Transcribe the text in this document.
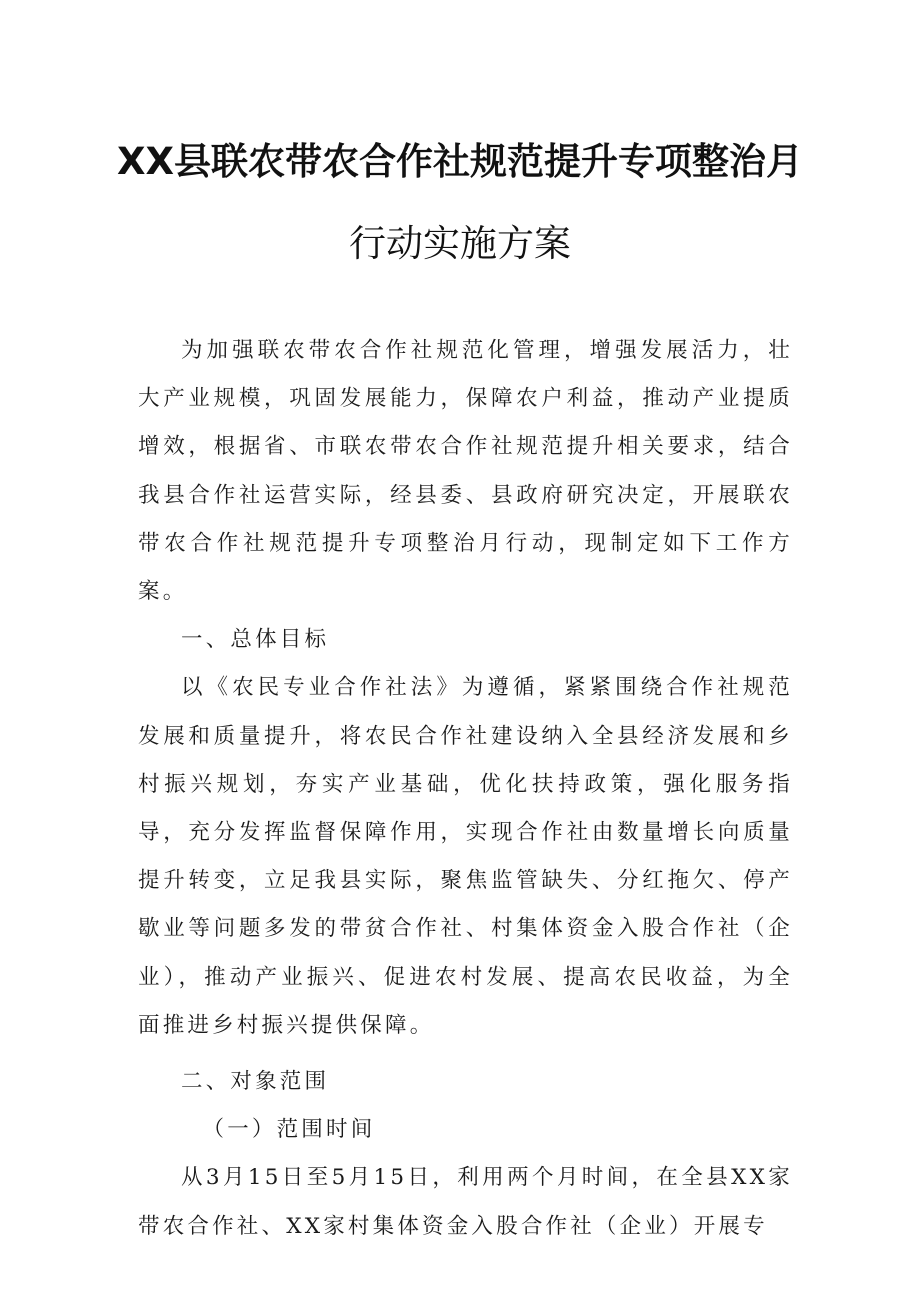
XX县联农带农合作社规范提升专项整治月
行动实施方案

为加强联农带农合作社规范化管理，增强发展活力，壮大产业规模，巩固发展能力，保障农户利益，推动产业提质增效，根据省、市联农带农合作社规范提升相关要求，结合我县合作社运营实际，经县委、县政府研究决定，开展联农带农合作社规范提升专项整治月行动，现制定如下工作方案。

一、总体目标

以《农民专业合作社法》为遵循，紧紧围绕合作社规范发展和质量提升，将农民合作社建设纳入全县经济发展和乡村振兴规划，夯实产业基础，优化扶持政策，强化服务指导，充分发挥监督保障作用，实现合作社由数量增长向质量提升转变，立足我县实际，聚焦监管缺失、分红拖欠、停产歇业等问题多发的带贫合作社、村集体资金入股合作社（企业），推动产业振兴、促进农村发展、提高农民收益，为全面推进乡村振兴提供保障。

二、对象范围

（一）范围时间

从3月15日至5月15日，利用两个月时间，在全县XX家带农合作社、XX家村集体资金入股合作社（企业）开展专
